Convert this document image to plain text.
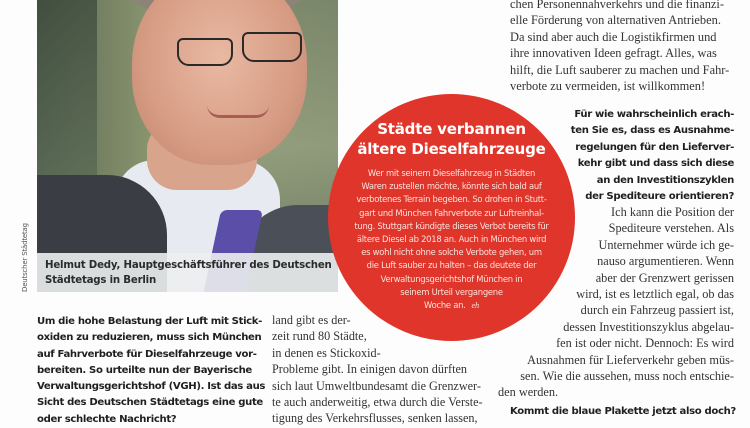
Helmut Dedy, Hauptgeschäftsführer des Deutschen
Städtetags in Berlin
Deutscher Städtetag
Um die hohe Belastung der Luft mit Stick-
oxiden zu reduzieren, muss sich München
auf Fahrverbote für Dieselfahrzeuge vor-
bereiten. So urteilte nun der Bayerische
Verwaltungsgerichtshof (VGH). Ist das aus
Sicht des Deutschen Städtetags eine gute
oder schlechte Nachricht?
land gibt es der-
zeit rund 80 Städte,
in denen es Stickoxid-
Probleme gibt. In einigen davon dürften
sich laut Umweltbundesamt die Grenzwer-
te auch anderweitig, etwa durch die Verste-
tigung des Verkehrsflusses, senken lassen,
chen Personennahverkehrs und die finanzi-
elle Förderung von alternativen Antrieben.
Da sind aber auch die Logistikfirmen und
ihre innovativen Ideen gefragt. Alles, was
hilft, die Luft sauberer zu machen und Fahr-
verbote zu vermeiden, ist willkommen!
Für wie wahrscheinlich erach-
ten Sie es, dass es Ausnahme-
regelungen für den Lieferver-
kehr gibt und dass sich diese
an den Investitionszyklen
der Spediteure orientieren?
Ich kann die Position der
Spediteure verstehen. Als
Unternehmer würde ich ge-
nauso argumentieren. Wenn
aber der Grenzwert gerissen
wird, ist es letztlich egal, ob das
durch ein Fahrzeug passiert ist,
dessen Investitionszyklus abgelau-
fen ist oder nicht. Dennoch: Es wird
Ausnahmen für Lieferverkehr geben müs-
sen. Wie die aussehen, muss noch entschie-
den werden.
Kommt die blaue Plakette jetzt also doch?
Städte verbannen
ältere Dieselfahrzeuge
Wer mit seinem Dieselfahrzeug in Städten
Waren zustellen möchte, könnte sich bald auf
verbotenes Terrain begeben. So drohen in Stutt-
gart und München Fahrverbote zur Luftreinhal-
tung. Stuttgart kündigte dieses Verbot bereits für
ältere Diesel ab 2018 an. Auch in München wird
es wohl nicht ohne solche Verbote gehen, um
die Luft sauber zu halten – das deutete der
Verwaltungsgerichtshof München in
seinem Urteil vergangene
Woche an. eh
